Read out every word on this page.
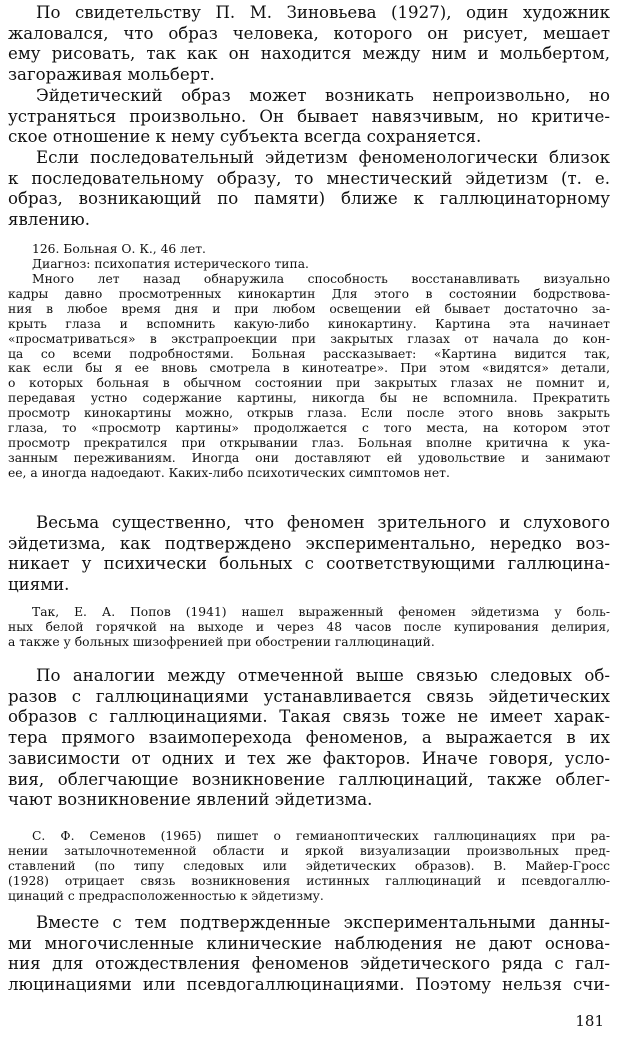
По свидетельству П. М. Зиновьева (1927), один художник
жаловался, что образ человека, которого он рисует, мешает
ему рисовать, так как он находится между ним и мольбертом,
загораживая мольберт.
Эйдетический образ может возникать непроизвольно, но
устраняться произвольно. Он бывает навязчивым, но критиче-
ское отношение к нему субъекта всегда сохраняется.
Если последовательный эйдетизм феноменологически близок
к последовательному образу, то мнестический эйдетизм (т. е.
образ, возникающий по памяти) ближе к галлюцинаторному
явлению.
126. Больная О. К., 46 лет.
Диагноз: психопатия истерического типа.
Много лет назад обнаружила способность восстанавливать визуально
кадры давно просмотренных кинокартин Для этого в состоянии бодрствова-
ния в любое время дня и при любом освещении ей бывает достаточно за-
крыть глаза и вспомнить какую-либо кинокартину. Картина эта начинает
«просматриваться» в экстрапроекции при закрытых глазах от начала до кон-
ца со всеми подробностями. Больная рассказывает: «Картина видится так,
как если бы я ее вновь смотрела в кинотеатре». При этом «видятся» детали,
о которых больная в обычном состоянии при закрытых глазах не помнит и,
передавая устно содержание картины, никогда бы не вспомнила. Прекратить
просмотр кинокартины можно, открыв глаза. Если после этого вновь закрыть
глаза, то «просмотр картины» продолжается с того места, на котором этот
просмотр прекратился при открывании глаз. Больная вполне критична к ука-
занным переживаниям. Иногда они доставляют ей удовольствие и занимают
ее, а иногда надоедают. Каких-либо психотических симптомов нет.
Весьма существенно, что феномен зрительного и слухового
эйдетизма, как подтверждено экспериментально, нередко воз-
никает у психически больных с соответствующими галлюцина-
циями.
Так, Е. А. Попов (1941) нашел выраженный феномен эйдетизма у боль-
ных белой горячкой на выходе и через 48 часов после купирования делирия,
а также у больных шизофренией при обострении галлюцинаций.
По аналогии между отмеченной выше связью следовых об-
разов с галлюцинациями устанавливается связь эйдетических
образов с галлюцинациями. Такая связь тоже не имеет харак-
тера прямого взаимоперехода феноменов, а выражается в их
зависимости от одних и тех же факторов. Иначе говоря, усло-
вия, облегчающие возникновение галлюцинаций, также облег-
чают возникновение явлений эйдетизма.
С. Ф. Семенов (1965) пишет о гемианоптических галлюцинациях при ра-
нении затылочнотеменной области и яркой визуализации произвольных пред-
ставлений (по типу следовых или эйдетических образов). В. Майер-Гросс
(1928) отрицает связь возникновения истинных галлюцинаций и псевдогаллю-
цинаций с предрасположенностью к эйдетизму.
Вместе с тем подтвержденные экспериментальными данны-
ми многочисленные клинические наблюдения не дают основа-
ния для отождествления феноменов эйдетического ряда с гал-
люцинациями или псевдогаллюцинациями. Поэтому нельзя счи-
181
